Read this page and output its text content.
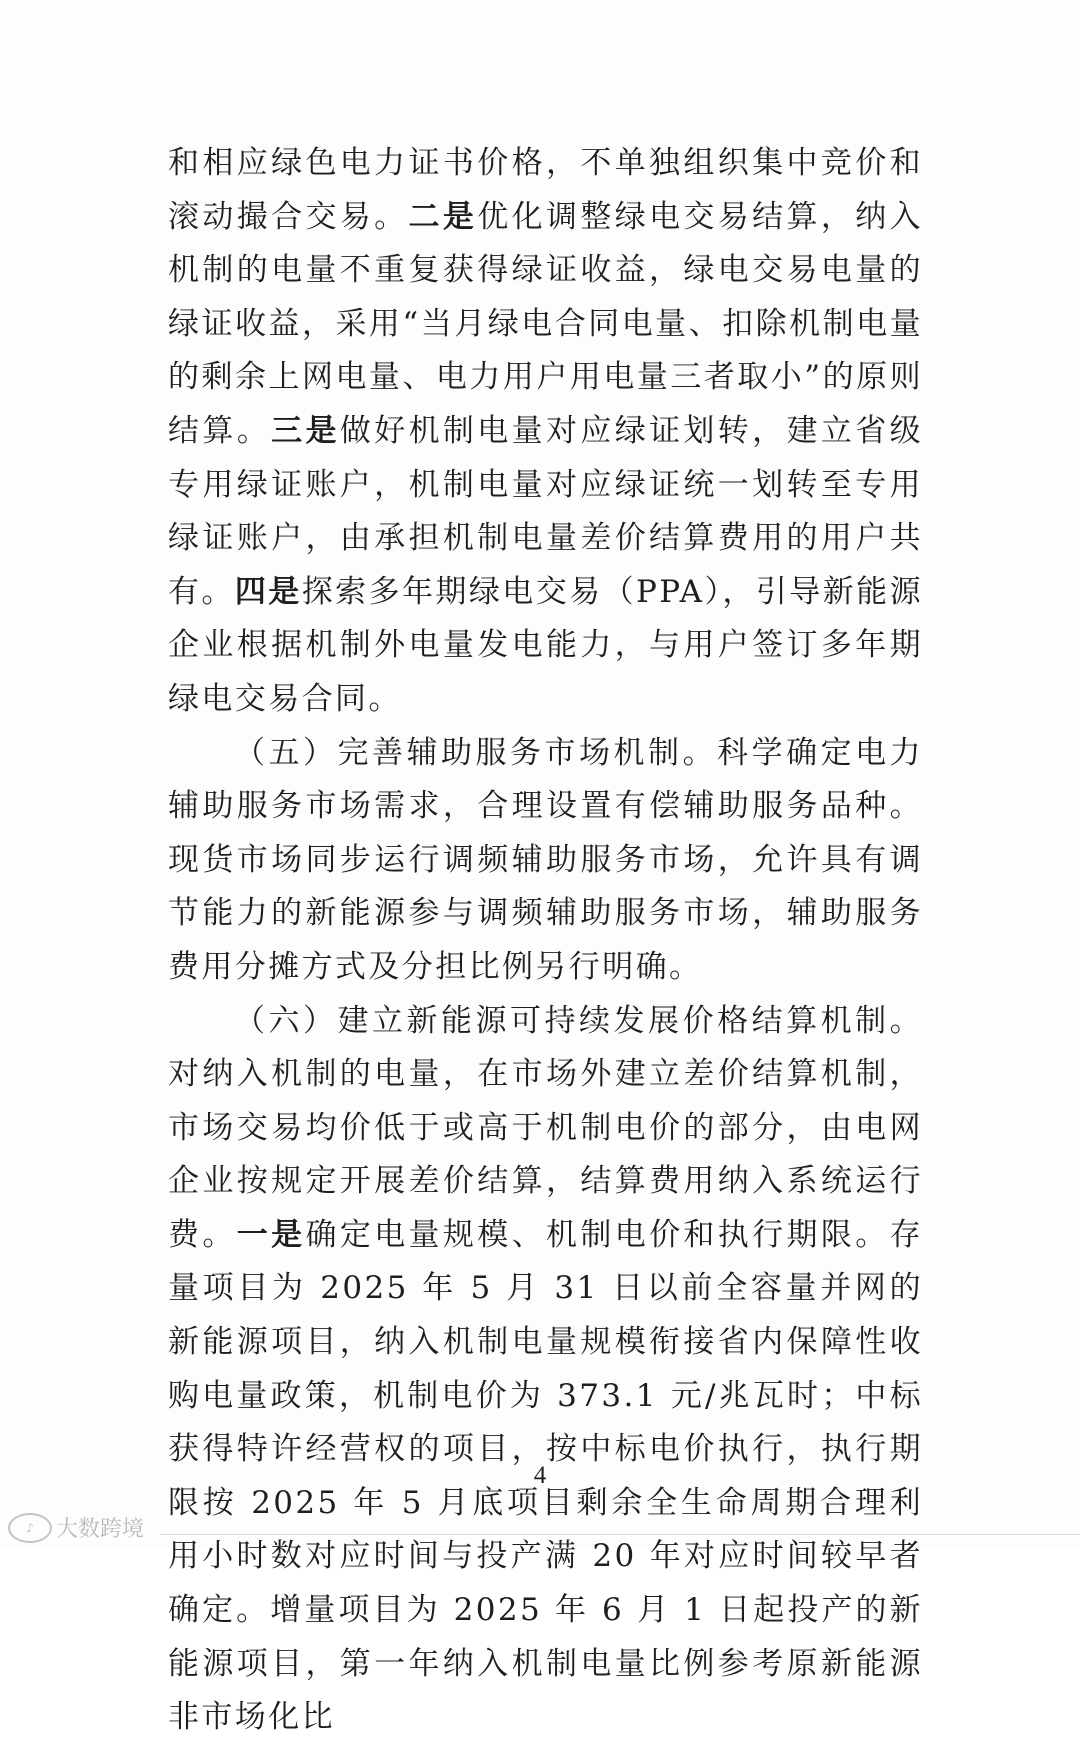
和相应绿色电力证书价格，不单独组织集中竞价和滚动撮合交易。二是优化调整绿电交易结算，纳入机制的电量不重复获得绿证收益，绿电交易电量的绿证收益，采用“当月绿电合同电量、扣除机制电量的剩余上网电量、电力用户用电量三者取小”的原则结算。三是做好机制电量对应绿证划转，建立省级专用绿证账户，机制电量对应绿证统一划转至专用绿证账户，由承担机制电量差价结算费用的用户共有。四是探索多年期绿电交易（PPA），引导新能源企业根据机制外电量发电能力，与用户签订多年期绿电交易合同。

（五）完善辅助服务市场机制。科学确定电力辅助服务市场需求，合理设置有偿辅助服务品种。现货市场同步运行调频辅助服务市场，允许具有调节能力的新能源参与调频辅助服务市场，辅助服务费用分摊方式及分担比例另行明确。

（六）建立新能源可持续发展价格结算机制。对纳入机制的电量，在市场外建立差价结算机制，市场交易均价低于或高于机制电价的部分，由电网企业按规定开展差价结算，结算费用纳入系统运行费。一是确定电量规模、机制电价和执行期限。存量项目为 2025 年 5 月 31 日以前全容量并网的新能源项目，纳入机制电量规模衔接省内保障性收购电量政策，机制电价为 373.1 元/兆瓦时；中标获得特许经营权的项目，按中标电价执行，执行期限按 2025 年 5 月底项目剩余全生命周期合理利用小时数对应时间与投产满 20 年对应时间较早者确定。增量项目为 2025 年 6 月 1 日起投产的新能源项目，第一年纳入机制电量比例参考原新能源非市场化比

4
♪	大数跨境
